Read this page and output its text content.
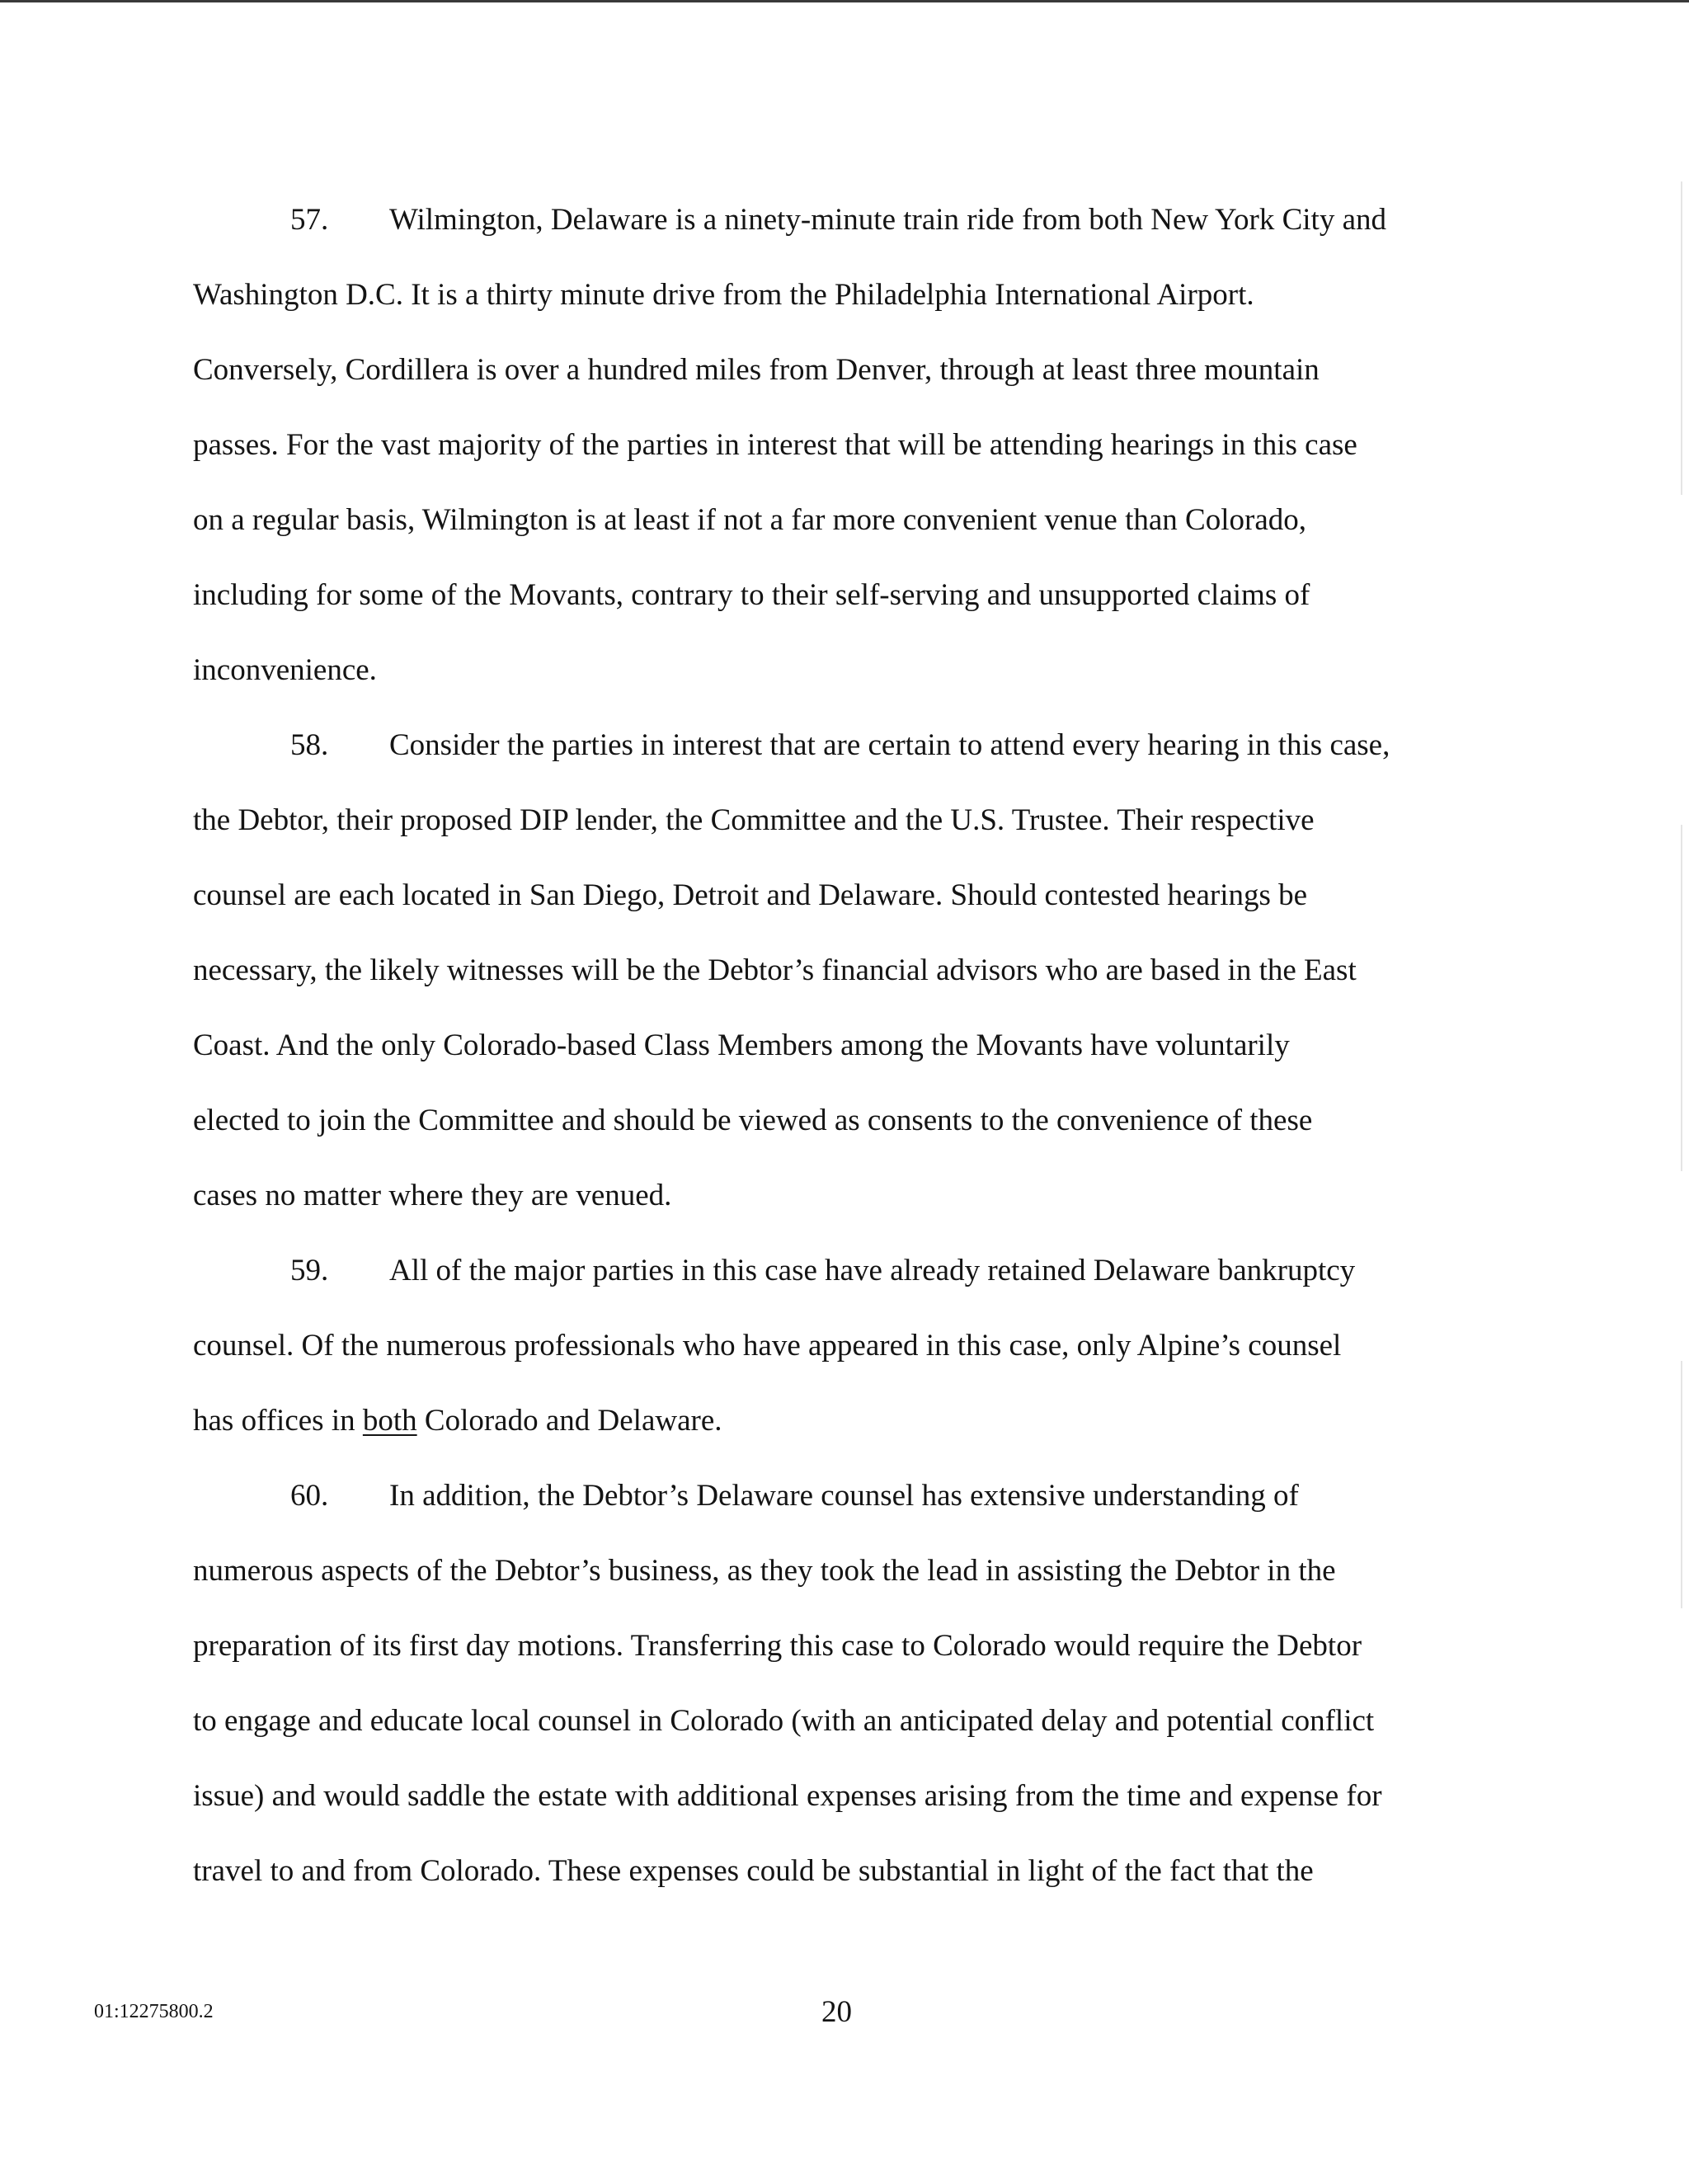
57. Wilmington, Delaware is a ninety-minute train ride from both New York City and
Washington D.C. It is a thirty minute drive from the Philadelphia International Airport.
Conversely, Cordillera is over a hundred miles from Denver, through at least three mountain
passes. For the vast majority of the parties in interest that will be attending hearings in this case
on a regular basis, Wilmington is at least if not a far more convenient venue than Colorado,
including for some of the Movants, contrary to their self-serving and unsupported claims of
inconvenience.
58. Consider the parties in interest that are certain to attend every hearing in this case,
the Debtor, their proposed DIP lender, the Committee and the U.S. Trustee. Their respective
counsel are each located in San Diego, Detroit and Delaware. Should contested hearings be
necessary, the likely witnesses will be the Debtor’s financial advisors who are based in the East
Coast. And the only Colorado-based Class Members among the Movants have voluntarily
elected to join the Committee and should be viewed as consents to the convenience of these
cases no matter where they are venued.
59. All of the major parties in this case have already retained Delaware bankruptcy
counsel. Of the numerous professionals who have appeared in this case, only Alpine’s counsel
has offices in both Colorado and Delaware.
60. In addition, the Debtor’s Delaware counsel has extensive understanding of
numerous aspects of the Debtor’s business, as they took the lead in assisting the Debtor in the
preparation of its first day motions. Transferring this case to Colorado would require the Debtor
to engage and educate local counsel in Colorado (with an anticipated delay and potential conflict
issue) and would saddle the estate with additional expenses arising from the time and expense for
travel to and from Colorado. These expenses could be substantial in light of the fact that the
01:12275800.2	20
